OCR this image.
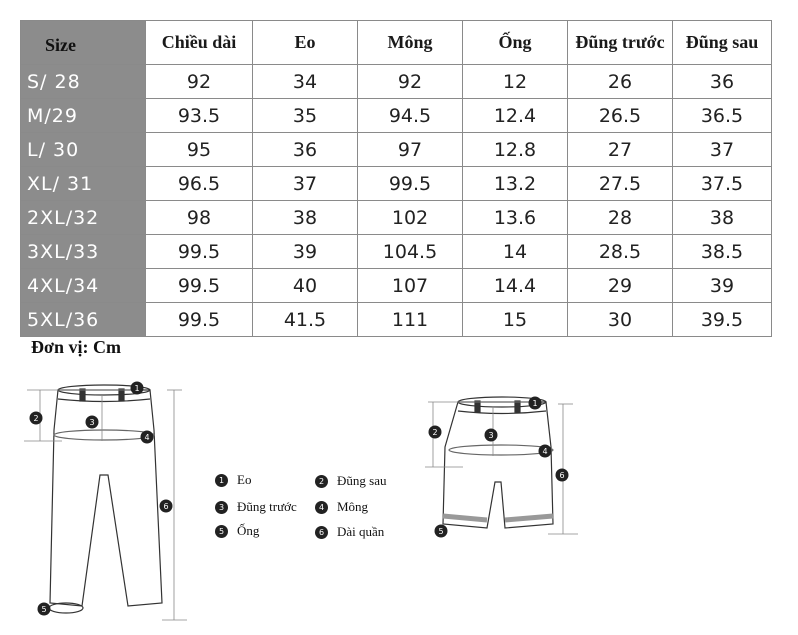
Size	Chiều dài	Eo	Mông	Ống	Đũng trước	Đũng sau
S/ 28	92	34	92	12	26	36
M/29	93.5	35	94.5	12.4	26.5	36.5
L/ 30	95	36	97	12.8	27	37
XL/ 31	96.5	37	99.5	13.2	27.5	37.5
2XL/32	98	38	102	13.6	28	38
3XL/33	99.5	39	104.5	14	28.5	38.5
4XL/34	99.5	40	107	14.4	29	39
5XL/36	99.5	41.5	111	15	30	39.5
Đơn vị: Cm
1
2	3
4
5
6
1
2	3
4
5
6
1 Eo	2 Đũng sau
3 Đũng trước	4 Mông
5 Ống	6 Dài quần
